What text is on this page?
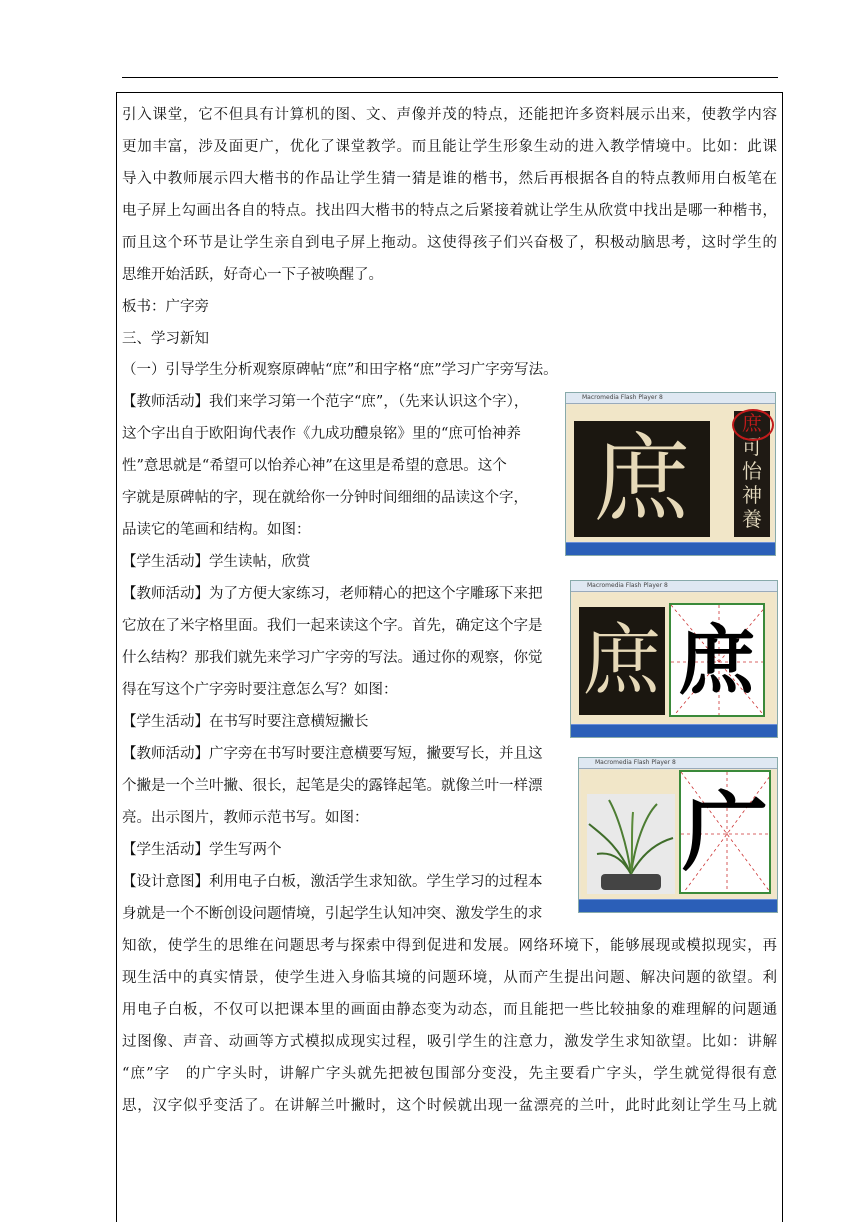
引入课堂，它不但具有计算机的图、文、声像并茂的特点，还能把许多资料展示出来，使教学内容
更加丰富，涉及面更广，优化了课堂教学。而且能让学生形象生动的进入教学情境中。比如：此课
导入中教师展示四大楷书的作品让学生猜一猜是谁的楷书，然后再根据各自的特点教师用白板笔在
电子屏上勾画出各自的特点。找出四大楷书的特点之后紧接着就让学生从欣赏中找出是哪一种楷书，
而且这个环节是让学生亲自到电子屏上拖动。这使得孩子们兴奋极了，积极动脑思考，这时学生的
思维开始活跃，好奇心一下子被唤醒了。
板书：广字旁
三、学习新知
（一）引导学生分析观察原碑帖“庶”和田字格“庶”学习广字旁写法。
【教师活动】我们来学习第一个范字“庶”，（先来认识这个字），
这个字出自于欧阳询代表作《九成功醴泉铭》里的“庶可怡神养
性”意思就是“希望可以怡养心神”在这里是希望的意思。这个
字就是原碑帖的字，现在就给你一分钟时间细细的品读这个字，
品读它的笔画和结构。如图：
【学生活动】学生读帖，欣赏
【教师活动】为了方便大家练习，老师精心的把这个字雕琢下来把
它放在了米字格里面。我们一起来读这个字。首先，确定这个字是
什么结构？那我们就先来学习广字旁的写法。通过你的观察，你觉
得在写这个广字旁时要注意怎么写？如图：
【学生活动】在书写时要注意横短撇长
【教师活动】广字旁在书写时要注意横要写短，撇要写长，并且这
个撇是一个兰叶撇、很长，起笔是尖的露锋起笔。就像兰叶一样漂
亮。出示图片，教师示范书写。如图：
【学生活动】学生写两个
【设计意图】利用电子白板，激活学生求知欲。学生学习的过程本
身就是一个不断创设问题情境，引起学生认知冲突、激发学生的求
知欲，使学生的思维在问题思考与探索中得到促进和发展。网络环境下，能够展现或模拟现实，再
现生活中的真实情景，使学生进入身临其境的问题环境，从而产生提出问题、解决问题的欲望。利
用电子白板，不仅可以把课本里的画面由静态变为动态，而且能把一些比较抽象的难理解的问题通
过图像、声音、动画等方式模拟成现实过程，吸引学生的注意力，激发学生求知欲望。比如：讲解
“庶”字　的广字头时，讲解广字头就先把被包围部分变没，先主要看广字头，学生就觉得很有意
思，汉字似乎变活了。在讲解兰叶撇时，这个时候就出现一盆漂亮的兰叶，此时此刻让学生马上就
Macromedia Flash Player 8
庶	庶
可
怡
神
養
Macromedia Flash Player 8
庶 庶
Macromedia Flash Player 8
广
